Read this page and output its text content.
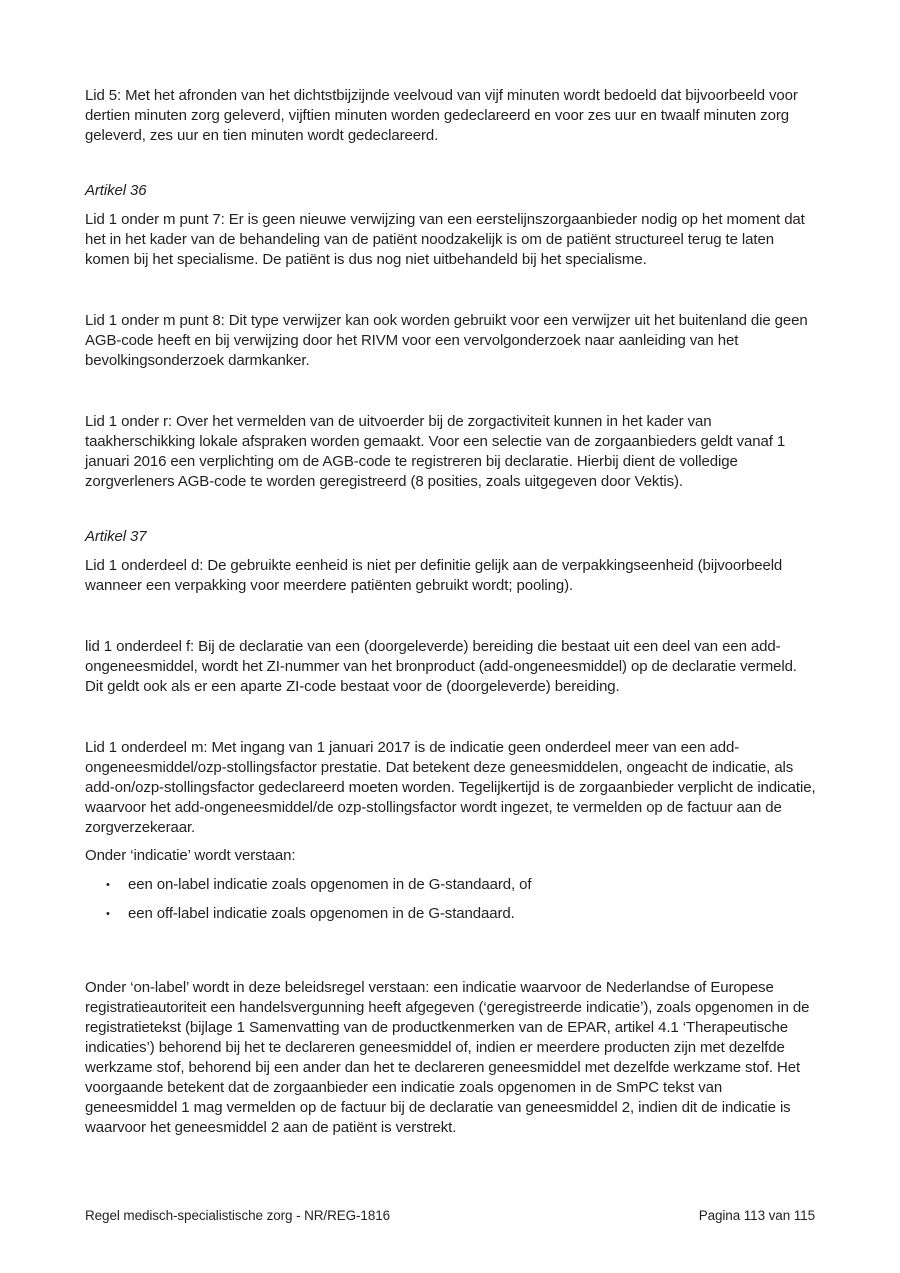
Lid 5: Met het afronden van het dichtstbijzijnde veelvoud van vijf minuten wordt bedoeld dat bijvoorbeeld voor dertien minuten zorg geleverd, vijftien minuten worden gedeclareerd en voor zes uur en twaalf minuten zorg geleverd, zes uur en tien minuten wordt gedeclareerd.

Artikel 36

Lid 1 onder m punt 7: Er is geen nieuwe verwijzing van een eerstelijnszorgaanbieder nodig op het moment dat het in het kader van de behandeling van de patiënt noodzakelijk is om de patiënt structureel terug te laten komen bij het specialisme. De patiënt is dus nog niet uitbehandeld bij het specialisme.

Lid 1 onder m punt 8: Dit type verwijzer kan ook worden gebruikt voor een verwijzer uit het buitenland die geen AGB-code heeft en bij verwijzing door het RIVM voor een vervolgonderzoek naar aanleiding van het bevolkingsonderzoek darmkanker.

Lid 1 onder r: Over het vermelden van de uitvoerder bij de zorgactiviteit kunnen in het kader van taakherschikking lokale afspraken worden gemaakt. Voor een selectie van de zorgaanbieders geldt vanaf 1 januari 2016 een verplichting om de AGB-code te registreren bij declaratie. Hierbij dient de volledige zorgverleners AGB-code te worden geregistreerd (8 posities, zoals uitgegeven door Vektis).

Artikel 37

Lid 1 onderdeel d: De gebruikte eenheid is niet per definitie gelijk aan de verpakkingseenheid (bijvoorbeeld wanneer een verpakking voor meerdere patiënten gebruikt wordt; pooling).

lid 1 onderdeel f: Bij de declaratie van een (doorgeleverde) bereiding die bestaat uit een deel van een add-ongeneesmiddel, wordt het ZI-nummer van het bronproduct (add-ongeneesmiddel) op de declaratie vermeld. Dit geldt ook als er een aparte ZI-code bestaat voor de (doorgeleverde) bereiding.

Lid 1 onderdeel m: Met ingang van 1 januari 2017 is de indicatie geen onderdeel meer van een add-ongeneesmiddel/ozp-stollingsfactor prestatie. Dat betekent deze geneesmiddelen, ongeacht de indicatie, als add-on/ozp-stollingsfactor gedeclareerd moeten worden. Tegelijkertijd is de zorgaanbieder verplicht de indicatie, waarvoor het add-ongeneesmiddel/de ozp-stollingsfactor wordt ingezet, te vermelden op de factuur aan de zorgverzekeraar.

Onder ‘indicatie’ wordt verstaan:

•	een on-label indicatie zoals opgenomen in de G-standaard, of
•	een off-label indicatie zoals opgenomen in de G-standaard.

Onder ‘on-label’ wordt in deze beleidsregel verstaan: een indicatie waarvoor de Nederlandse of Europese registratieautoriteit een handelsvergunning heeft afgegeven (‘geregistreerde indicatie’), zoals opgenomen in de registratietekst (bijlage 1 Samenvatting van de productkenmerken van de EPAR, artikel 4.1 ‘Therapeutische indicaties’) behorend bij het te declareren geneesmiddel of, indien er meerdere producten zijn met dezelfde werkzame stof, behorend bij een ander dan het te declareren geneesmiddel met dezelfde werkzame stof. Het voorgaande betekent dat de zorgaanbieder een indicatie zoals opgenomen in de SmPC tekst van geneesmiddel 1 mag vermelden op de factuur bij de declaratie van geneesmiddel 2, indien dit de indicatie is waarvoor het geneesmiddel 2 aan de patiënt is verstrekt.

Regel medisch-specialistische zorg - NR/REG-1816	Pagina 113 van 115
